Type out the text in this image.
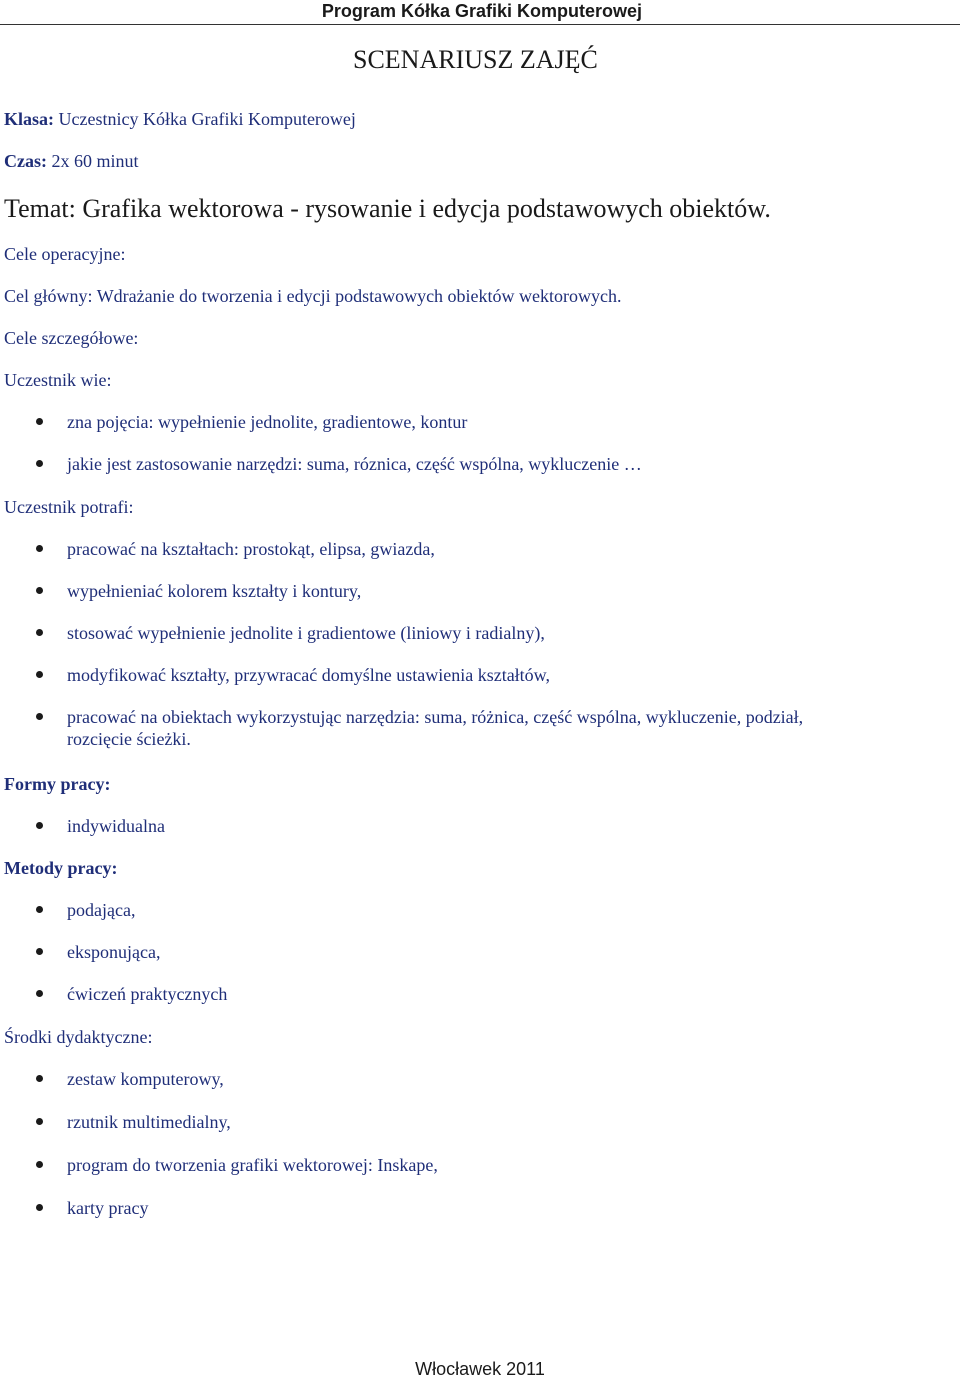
Program Kółka Grafiki Komputerowej
SCENARIUSZ ZAJĘĆ
Klasa: Uczestnicy Kółka Grafiki Komputerowej
Czas: 2x 60 minut
Temat: Grafika wektorowa - rysowanie i edycja podstawowych obiektów.
Cele operacyjne:
Cel główny: Wdrażanie do tworzenia i edycji podstawowych obiektów wektorowych.
Cele szczegółowe:
Uczestnik wie:
zna pojęcia: wypełnienie jednolite, gradientowe, kontur
jakie jest zastosowanie narzędzi: suma, róznica, część wspólna, wykluczenie …
Uczestnik potrafi:
pracować na kształtach: prostokąt, elipsa, gwiazda,
wypełnieniać kolorem kształty i kontury,
stosować wypełnienie jednolite i gradientowe (liniowy i radialny),
modyfikować kształty, przywracać domyślne ustawienia kształtów,
pracować na obiektach wykorzystując narzędzia: suma, różnica, część wspólna, wykluczenie, podział,
rozcięcie ścieżki.
Formy pracy:
indywidualna
Metody pracy:
podająca,
eksponująca,
ćwiczeń praktycznych
Środki dydaktyczne:
zestaw komputerowy,
rzutnik multimedialny,
program do tworzenia grafiki wektorowej: Inskape,
karty pracy
Włocławek 2011
